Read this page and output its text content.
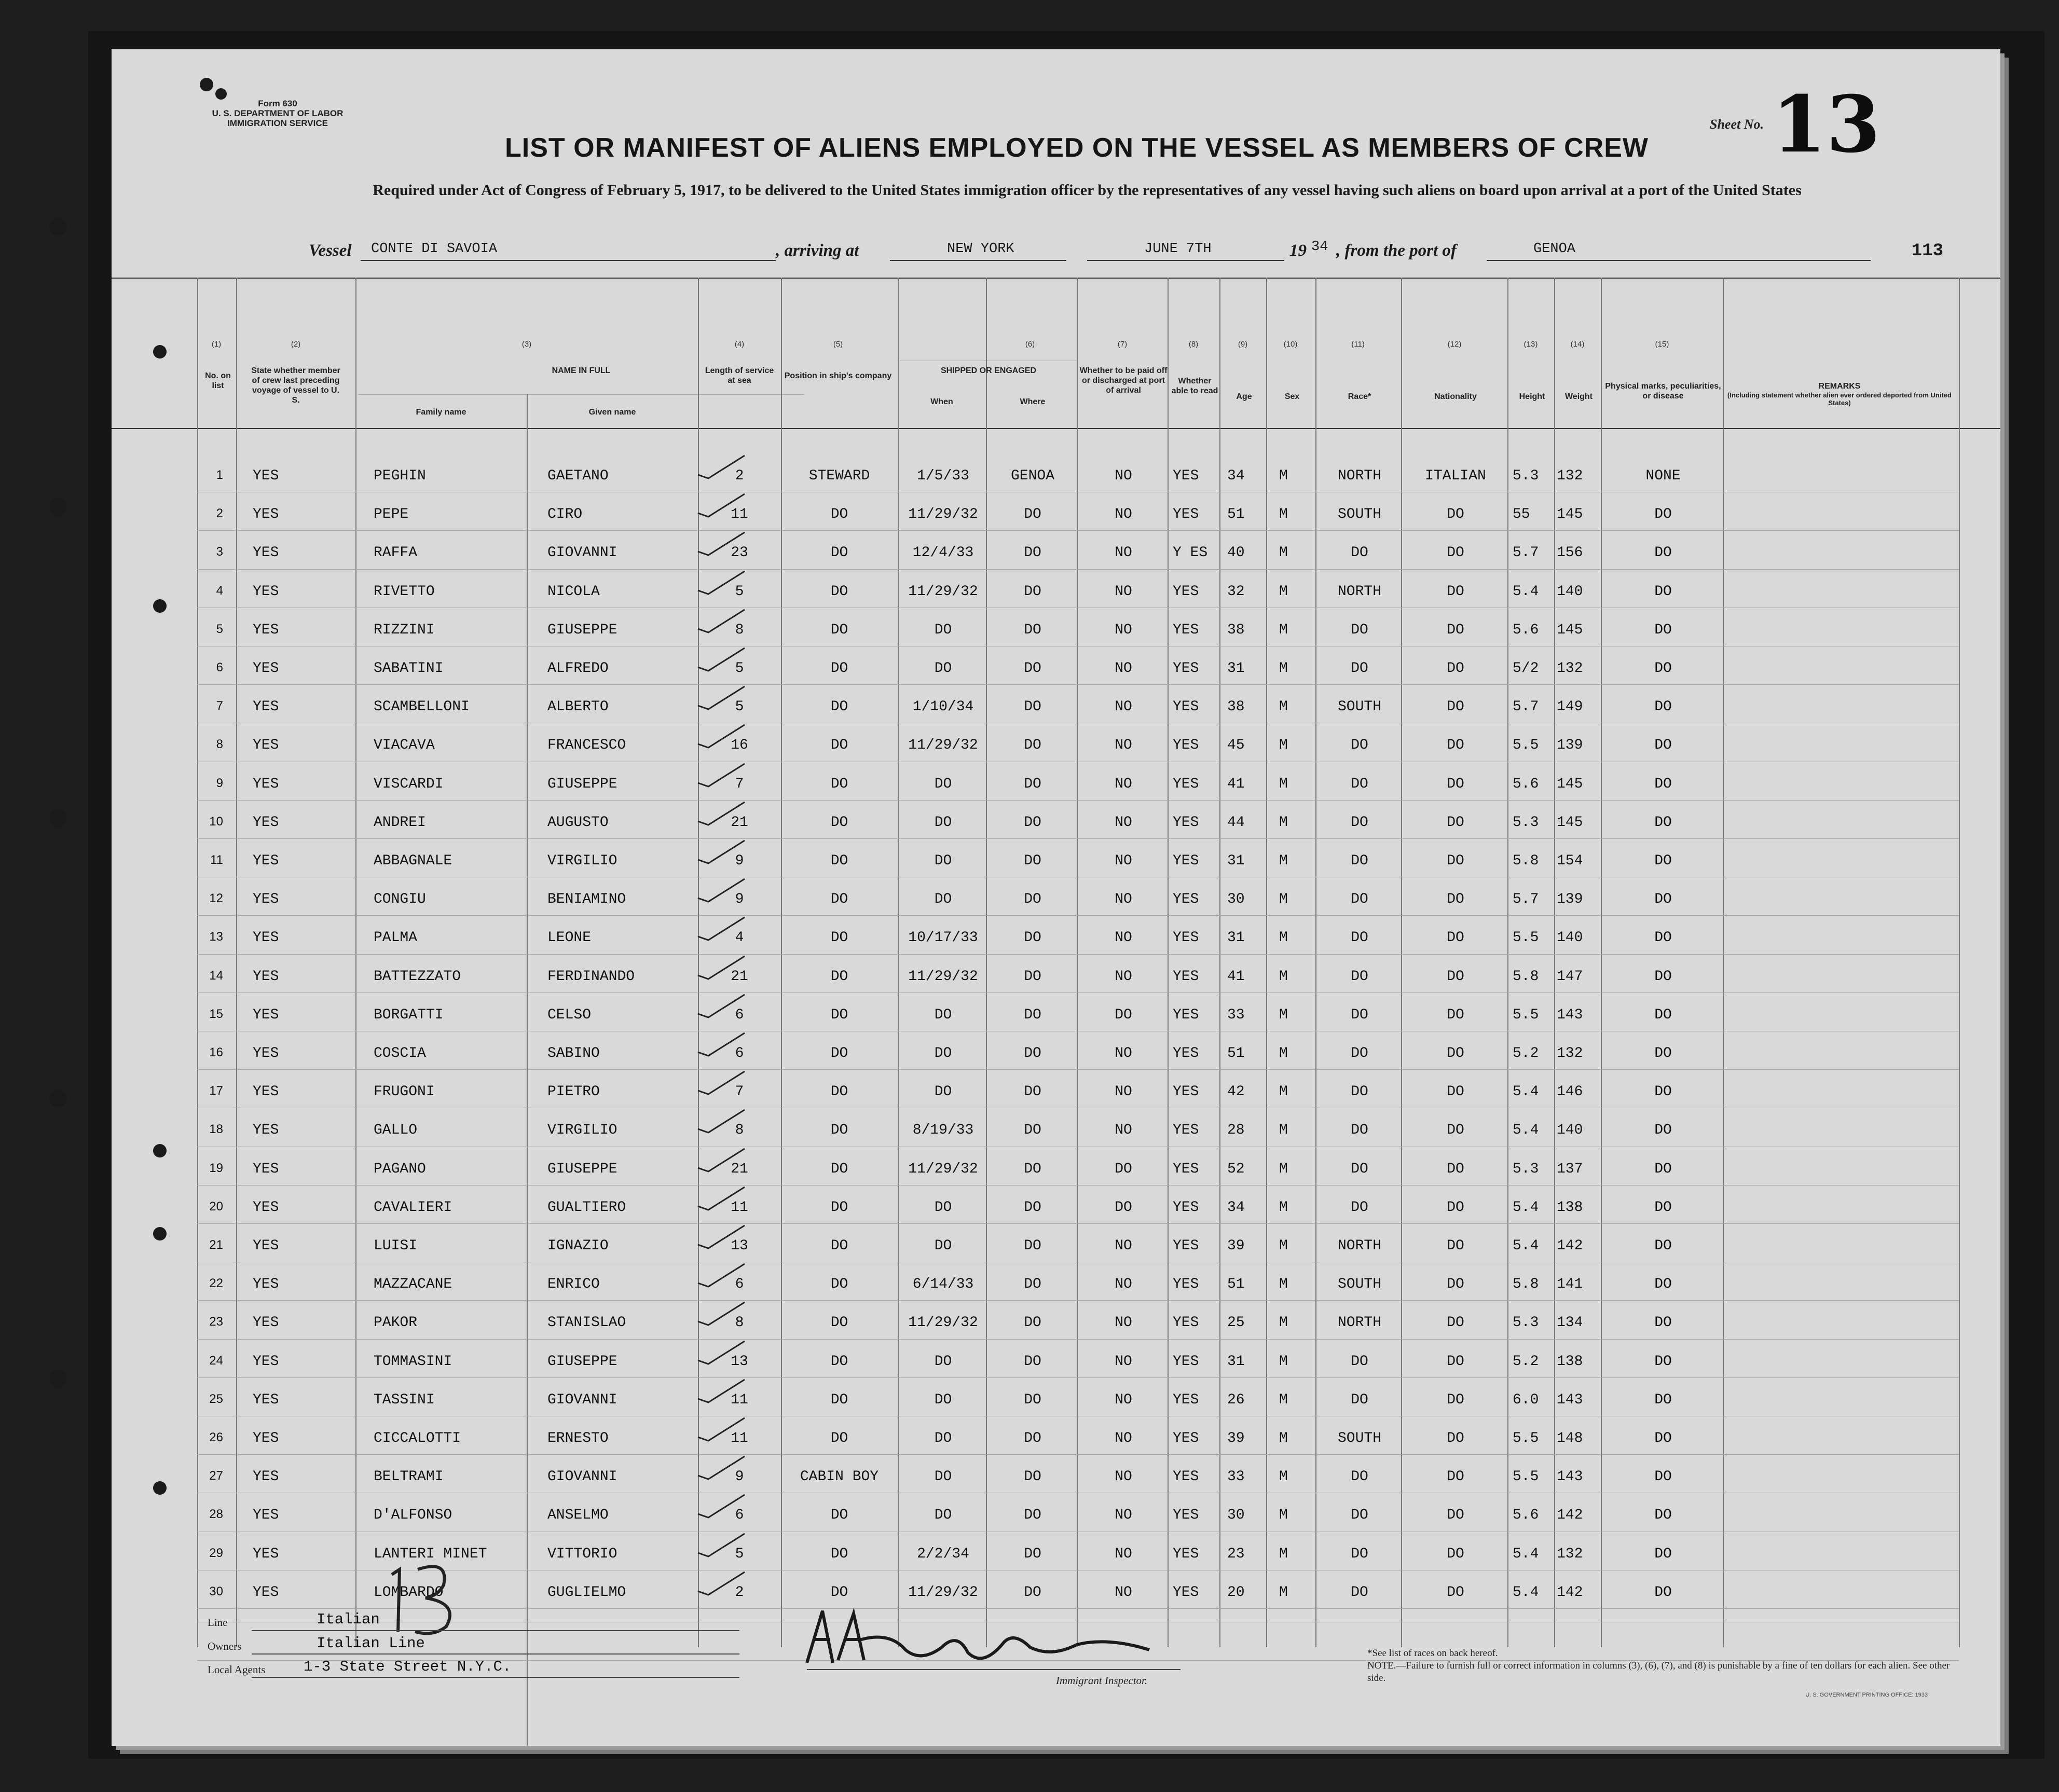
Form 630
U. S. DEPARTMENT OF LABOR
IMMIGRATION SERVICE
LIST OR MANIFEST OF ALIENS EMPLOYED ON THE VESSEL AS MEMBERS OF CREW
Required under Act of Congress of February 5, 1917, to be delivered to the United States immigration officer by the representatives of any vessel having such aliens on board upon arrival at a port of the United States
Sheet No. 13
Vessel CONTE DI SAVOIA	, arriving at	NEW YORK	JUNE 7TH	19 34 , from the port of	GENOA	113
No. on list
State whether member of crew last preceding voyage of vessel to U. S.
NAME IN FULL
Family name	Given name
Length of service at sea
Position in ship's company
SHIPPED OR ENGAGED
When	Where
Whether to be paid off or discharged at port of arrival
Whether able to read
Age	Sex	Race*	Nationality	Height	Weight
Physical marks, peculiarities, or disease
REMARKS
(Including statement whether alien ever ordered deported from United States)
(1)	(2)	(3)	(4)	(5)	(6)	(7)	(8)	(9)	(10)	(11)	(12)	(13)	(14)	(15)
1 YES	PEGHIN	GAETANO	2	STEWARD	1/5/33	GENOA	NO	YES 34 M	NORTH	ITALIAN	5.3 132	NONE
2 YES	PEPE	CIRO	11	DO	11/29/32	DO	NO	YES 51 M	SOUTH	DO	55 145	DO
3 YES	RAFFA	GIOVANNI	23	DO	12/4/33	DO	NO	Y ES 40 M	DO	DO	5.7 156	DO
4 YES	RIVETTO	NICOLA	5	DO	11/29/32	DO	NO	YES 32 M	NORTH	DO	5.4 140	DO
5 YES	RIZZINI	GIUSEPPE	8	DO	DO	DO	NO	YES 38 M	DO	DO	5.6 145	DO
6 YES	SABATINI	ALFREDO	5	DO	DO	DO	NO	YES 31 M	DO	DO	5/2 132	DO
7 YES	SCAMBELLONI	ALBERTO	5	DO	1/10/34	DO	NO	YES 38 M	SOUTH	DO	5.7 149	DO
8 YES	VIACAVA	FRANCESCO	16	DO	11/29/32	DO	NO	YES 45 M	DO	DO	5.5 139	DO
9 YES	VISCARDI	GIUSEPPE	7	DO	DO	DO	NO	YES 41 M	DO	DO	5.6 145	DO
10 YES	ANDREI	AUGUSTO	21	DO	DO	DO	NO	YES 44 M	DO	DO	5.3 145	DO
11 YES	ABBAGNALE	VIRGILIO	9	DO	DO	DO	NO	YES 31 M	DO	DO	5.8 154	DO
12 YES	CONGIU	BENIAMINO	9	DO	DO	DO	NO	YES 30 M	DO	DO	5.7 139	DO
13 YES	PALMA	LEONE	4	DO	10/17/33	DO	NO	YES 31 M	DO	DO	5.5 140	DO
14 YES	BATTEZZATO	FERDINANDO	21	DO	11/29/32	DO	NO	YES 41 M	DO	DO	5.8 147	DO
15 YES	BORGATTI	CELSO	6	DO	DO	DO	DO	YES 33 M	DO	DO	5.5 143	DO
16 YES	COSCIA	SABINO	6	DO	DO	DO	NO	YES 51 M	DO	DO	5.2 132	DO
17 YES	FRUGONI	PIETRO	7	DO	DO	DO	NO	YES 42 M	DO	DO	5.4 146	DO
18 YES	GALLO	VIRGILIO	8	DO	8/19/33	DO	NO	YES 28 M	DO	DO	5.4 140	DO
19 YES	PAGANO	GIUSEPPE	21	DO	11/29/32	DO	DO	YES 52 M	DO	DO	5.3 137	DO
20 YES	CAVALIERI	GUALTIERO	11	DO	DO	DO	DO	YES 34 M	DO	DO	5.4 138	DO
21 YES	LUISI	IGNAZIO	13	DO	DO	DO	NO	YES 39 M	NORTH	DO	5.4 142	DO
22 YES	MAZZACANE	ENRICO	6	DO	6/14/33	DO	NO	YES 51 M	SOUTH	DO	5.8 141	DO
23 YES	PAKOR	STANISLAO	8	DO	11/29/32	DO	NO	YES 25 M	NORTH	DO	5.3 134	DO
24 YES	TOMMASINI	GIUSEPPE	13	DO	DO	DO	NO	YES 31 M	DO	DO	5.2 138	DO
25 YES	TASSINI	GIOVANNI	11	DO	DO	DO	NO	YES 26 M	DO	DO	6.0 143	DO
26 YES	CICCALOTTI	ERNESTO	11	DO	DO	DO	NO	YES 39 M	SOUTH	DO	5.5 148	DO
27 YES	BELTRAMI	GIOVANNI	9	CABIN BOY	DO	DO	NO	YES 33 M	DO	DO	5.5 143	DO
28 YES	D'ALFONSO	ANSELMO	6	DO	DO	DO	NO	YES 30 M	DO	DO	5.6 142	DO
29 YES	LANTERI MINET	VITTORIO	5	DO	2/2/34	DO	NO	YES 23 M	DO	DO	5.4 132	DO
30 YES	LOMBARDO	GUGLIELMO	2	DO	11/29/32	DO	NO	YES 20 M	DO	DO	5.4 142	DO
Line	Italian
Owners	Italian Line
Local Agents	1-3 State Street N.Y.C.
Immigrant Inspector.
*See list of races on back hereof.
NOTE.—Failure to furnish full or correct information in columns (3), (6), (7), and (8) is punishable by a fine of ten dollars for each alien. See other side.
U. S. GOVERNMENT PRINTING OFFICE: 1933
